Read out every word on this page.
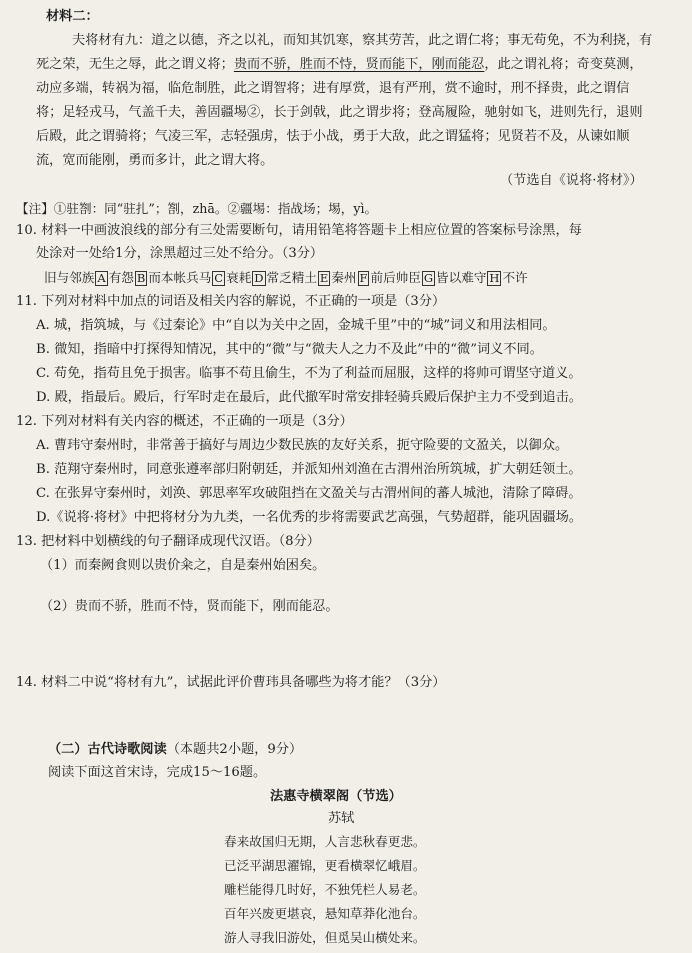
材料二：
夫将材有九：道之以德，齐之以礼，而知其饥寒，察其劳苦，此之谓仁将；事无苟免，不为利挠，有
死之荣，无生之辱，此之谓义将；贵而不骄，胜而不恃，贤而能下，刚而能忍，此之谓礼将；奇变莫测，
动应多端，转祸为福，临危制胜，此之谓智将；进有厚赏，退有严刑，赏不逾时，刑不择贵，此之谓信
将；足轻戎马，气盖千夫，善固疆埸②，长于剑戟，此之谓步将；登高履险，驰射如飞，进则先行，退则
后殿，此之谓骑将；气凌三军，志轻强虏，怯于小战，勇于大敌，此之谓猛将；见贤若不及，从谏如顺
流，宽而能刚，勇而多计，此之谓大将。
（节选自《说将·将材》）
【注】①驻劄：同“驻扎”；劄，zhā。②疆埸：指战场；埸，yì。
10. 材料一中画波浪线的部分有三处需要断句，请用铅笔将答题卡上相应位置的答案标号涂黑，每
处涂对一处给1分，涂黑超过三处不给分。（3分）
旧与邻族 A 有怨 B 而本帐兵马 C 衰耗 D 常乏精土 E 秦州 F 前后帅臣 G 皆以难守 H 不许
11. 下列对材料中加点的词语及相关内容的解说，不正确的一项是（3分）
A. 城，指筑城，与《过秦论》中“自以为关中之固，金城千里”中的“城”词义和用法相同。
B. 微知，指暗中打探得知情况，其中的“微”与“微夫人之力不及此”中的“微”词义不同。
C. 苟免，指苟且免于损害。临事不苟且偷生，不为了利益而屈服，这样的将帅可谓坚守道义。
D. 殿，指最后。殿后，行军时走在最后，此代撤军时常安排轻骑兵殿后保护主力不受到追击。
12. 下列对材料有关内容的概述，不正确的一项是（3分）
A. 曹玮守秦州时，非常善于搞好与周边少数民族的友好关系，扼守险要的文盈关，以御众。
B. 范翔守秦州时，同意张遵率部归附朝廷，并派知州刘渔在古渭州治所筑城，扩大朝廷领土。
C. 在张昇守秦州时，刘涣、郭思率军攻破阻挡在文盈关与古渭州间的蕃人城池，清除了障碍。
D.《说将·将材》中把将材分为九类，一名优秀的步将需要武艺高强，气势超群，能巩固疆场。
13. 把材料中划横线的句子翻译成现代汉语。（8分）
（1）而秦阙食则以贵价籴之，自是秦州始困矣。
（2）贵而不骄，胜而不恃，贤而能下，刚而能忍。
14. 材料二中说“将材有九”，试据此评价曹玮具备哪些为将才能？（3分）
（二）古代诗歌阅读（本题共2小题，9分）
阅读下面这首宋诗，完成15～16题。
法惠寺横翠阁（节选）
苏轼
春来故国归无期，人言悲秋春更悲。
已泛平湖思濯锦，更看横翠忆峨眉。
雕栏能得几时好，不独凭栏人易老。
百年兴废更堪哀，悬知草莽化池台。
游人寻我旧游处，但觅吴山横处来。
